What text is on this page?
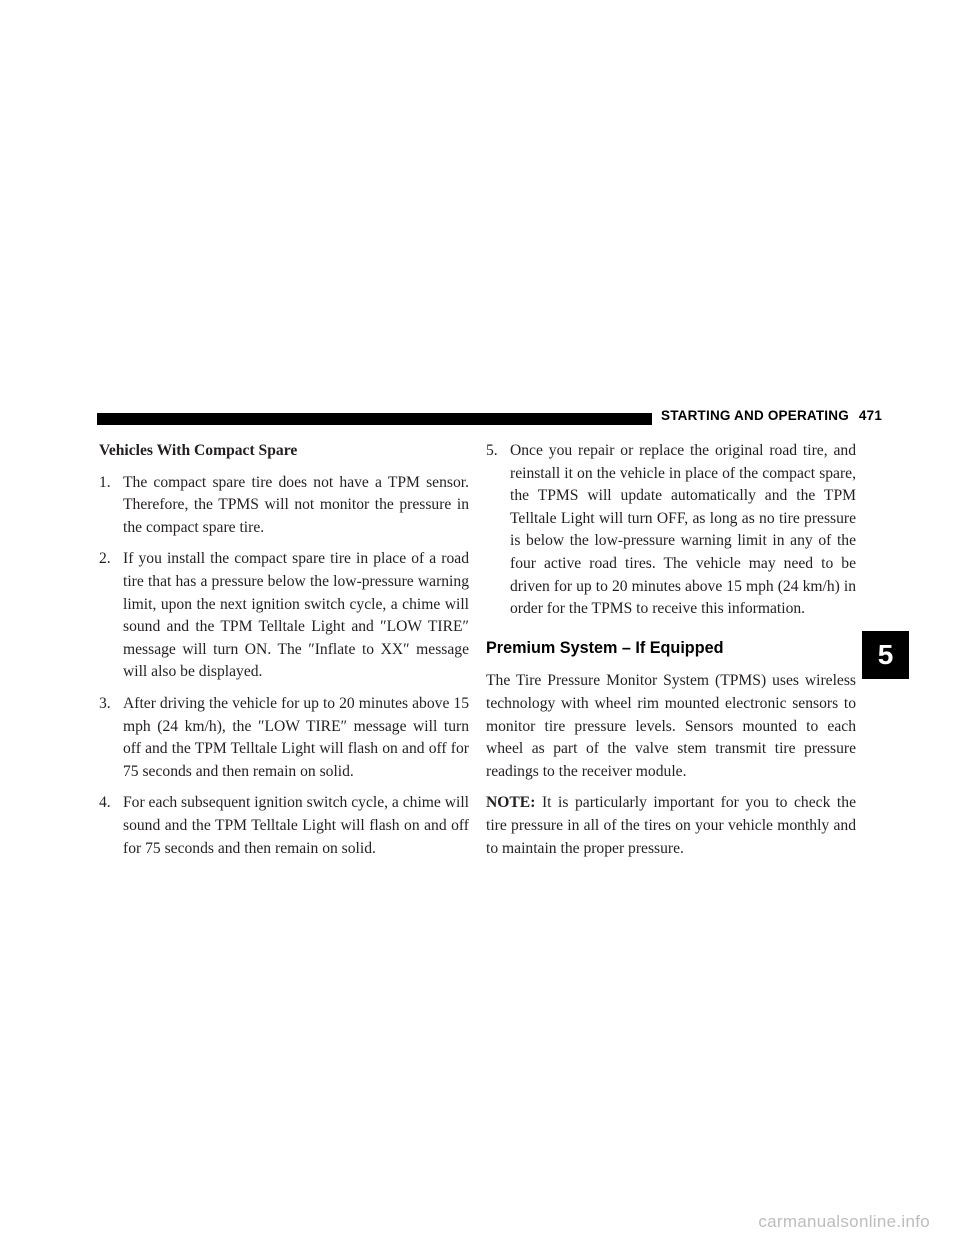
STARTING AND OPERATING 471
Vehicles With Compact Spare
1. The compact spare tire does not have a TPM sensor. Therefore, the TPMS will not monitor the pressure in the compact spare tire.
2. If you install the compact spare tire in place of a road tire that has a pressure below the low-pressure warning limit, upon the next ignition switch cycle, a chime will sound and the TPM Telltale Light and ″LOW TIRE″ message will turn ON. The ″Inflate to XX″ message will also be displayed.
3. After driving the vehicle for up to 20 minutes above 15 mph (24 km/h), the ″LOW TIRE″ message will turn off and the TPM Telltale Light will flash on and off for 75 seconds and then remain on solid.
4. For each subsequent ignition switch cycle, a chime will sound and the TPM Telltale Light will flash on and off for 75 seconds and then remain on solid.
5. Once you repair or replace the original road tire, and reinstall it on the vehicle in place of the compact spare, the TPMS will update automatically and the TPM Telltale Light will turn OFF, as long as no tire pressure is below the low-pressure warning limit in any of the four active road tires. The vehicle may need to be driven for up to 20 minutes above 15 mph (24 km/h) in order for the TPMS to receive this information.
Premium System – If Equipped

The Tire Pressure Monitor System (TPMS) uses wireless technology with wheel rim mounted electronic sensors to monitor tire pressure levels. Sensors mounted to each wheel as part of the valve stem transmit tire pressure readings to the receiver module.

NOTE: It is particularly important for you to check the tire pressure in all of the tires on your vehicle monthly and to maintain the proper pressure.

5
carmanualsonline.info
